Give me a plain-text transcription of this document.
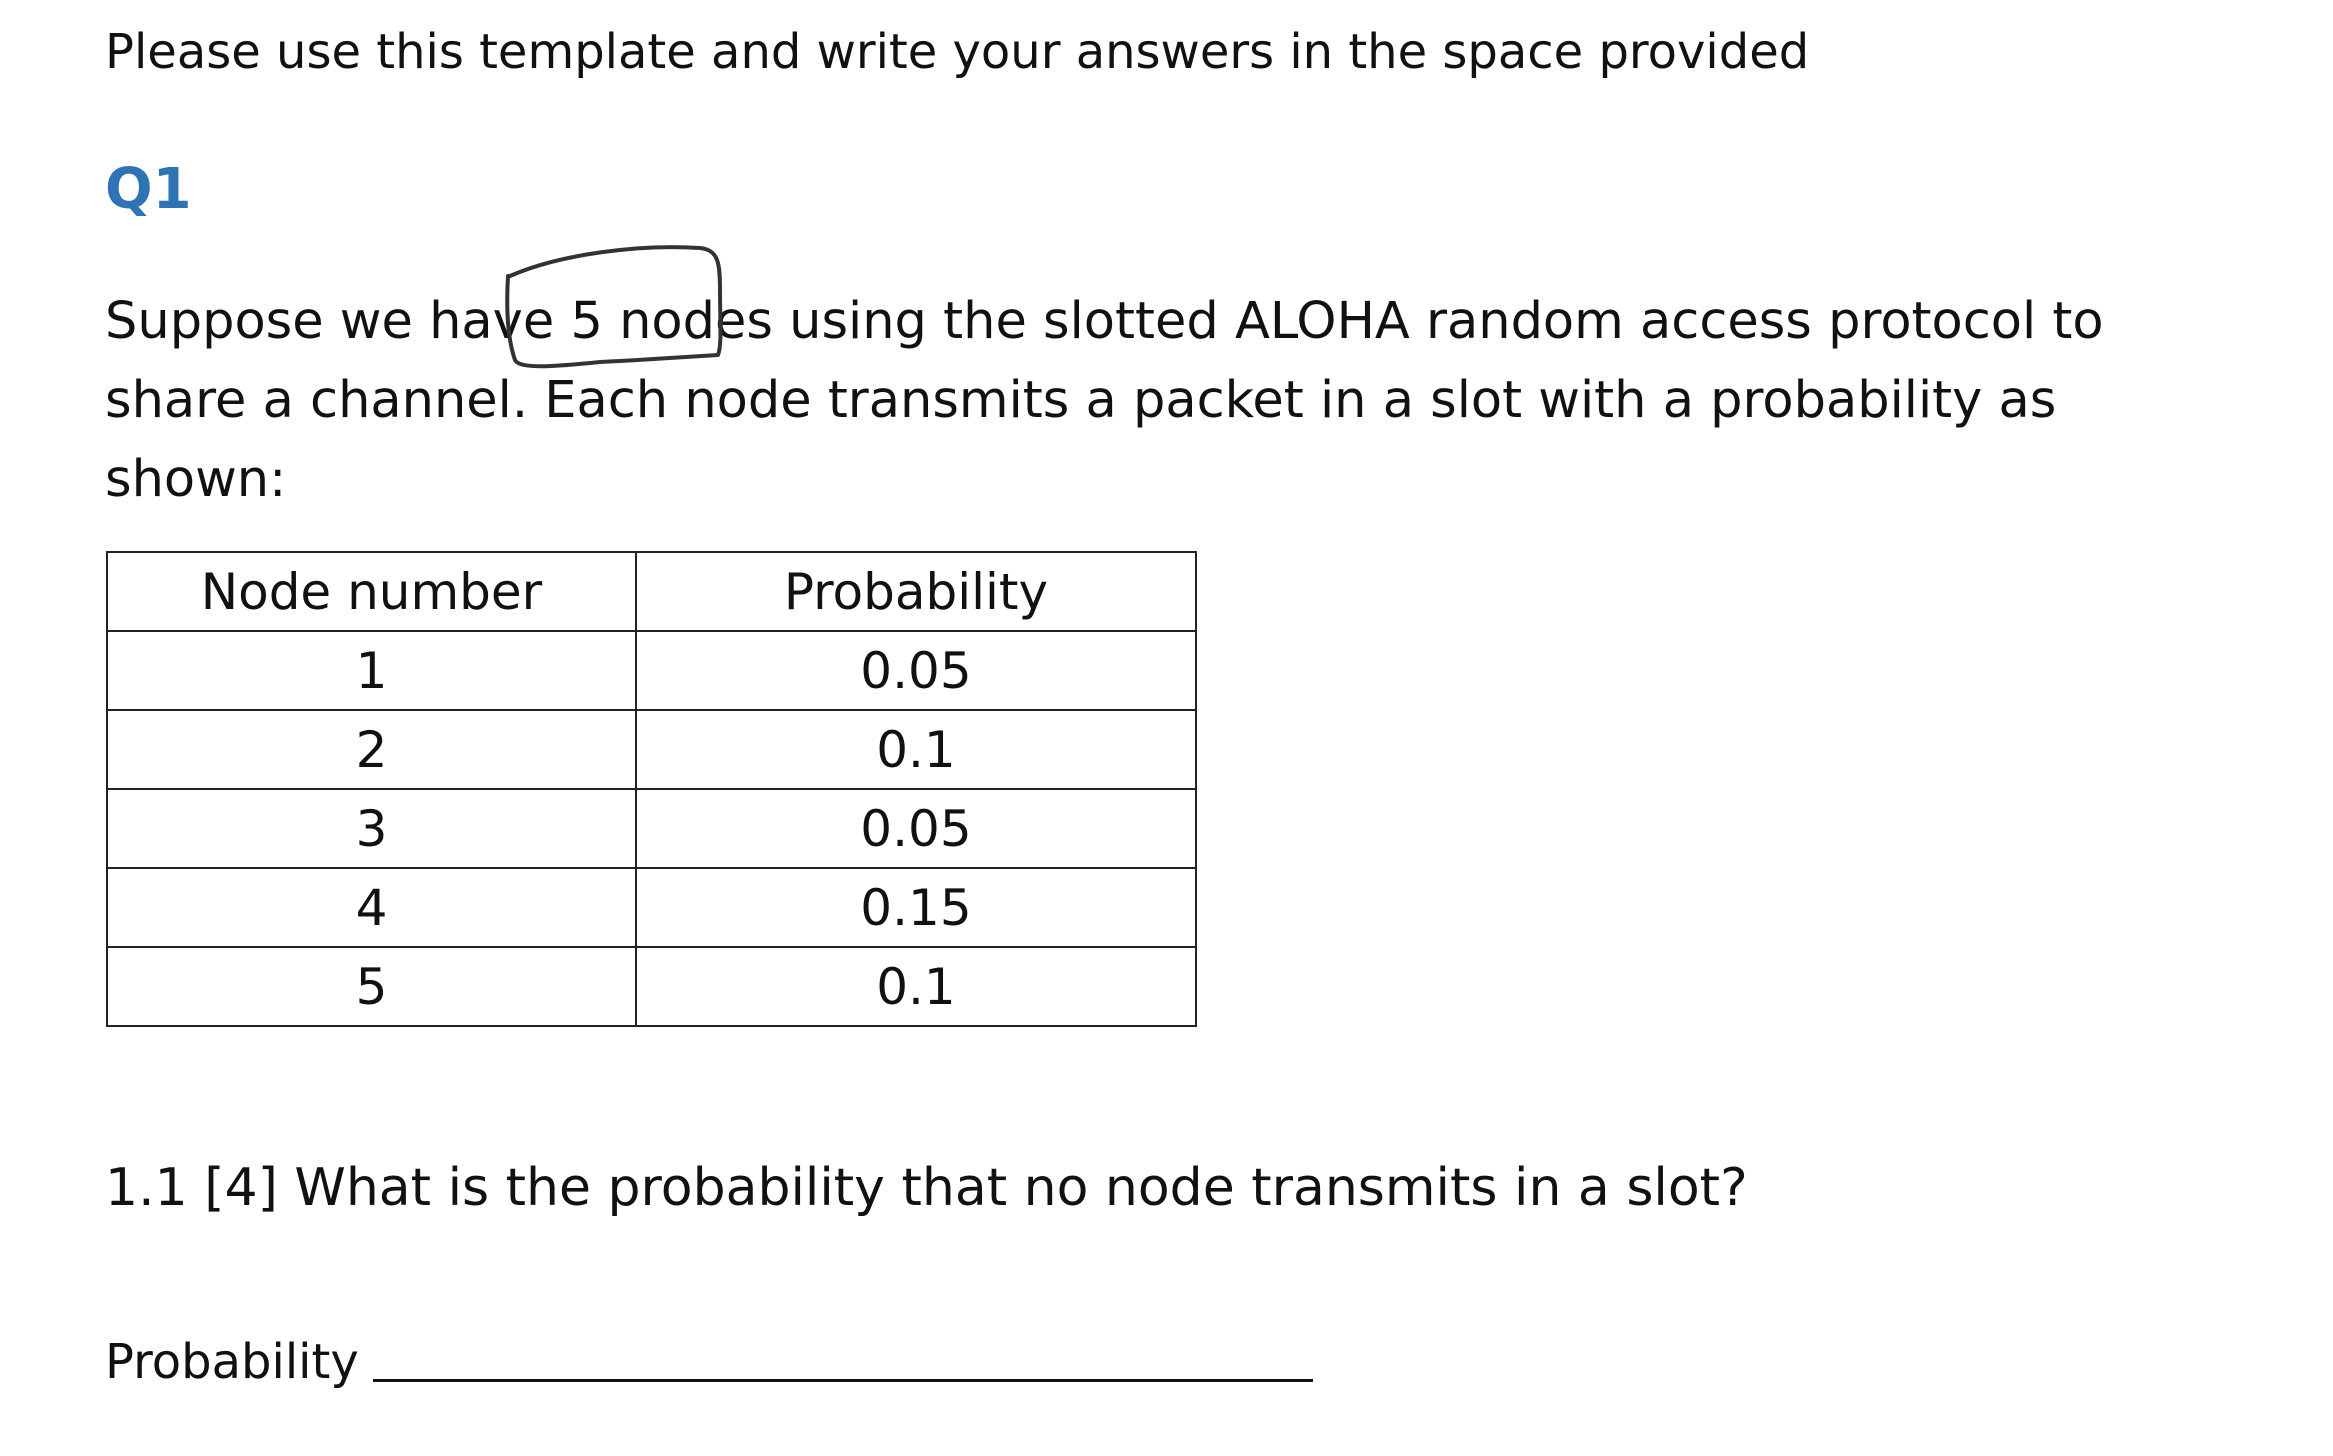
Please use this template and write your answers in the space provided
Q1
Suppose we have 5 nodes using the slotted ALOHA random access protocol to share a channel. Each node transmits a packet in a slot with a probability as shown:
Node number	Probability
1	0.05
2	0.1
3	0.05
4	0.15
5	0.1
1.1 [4] What is the probability that no node transmits in a slot?
Probability
